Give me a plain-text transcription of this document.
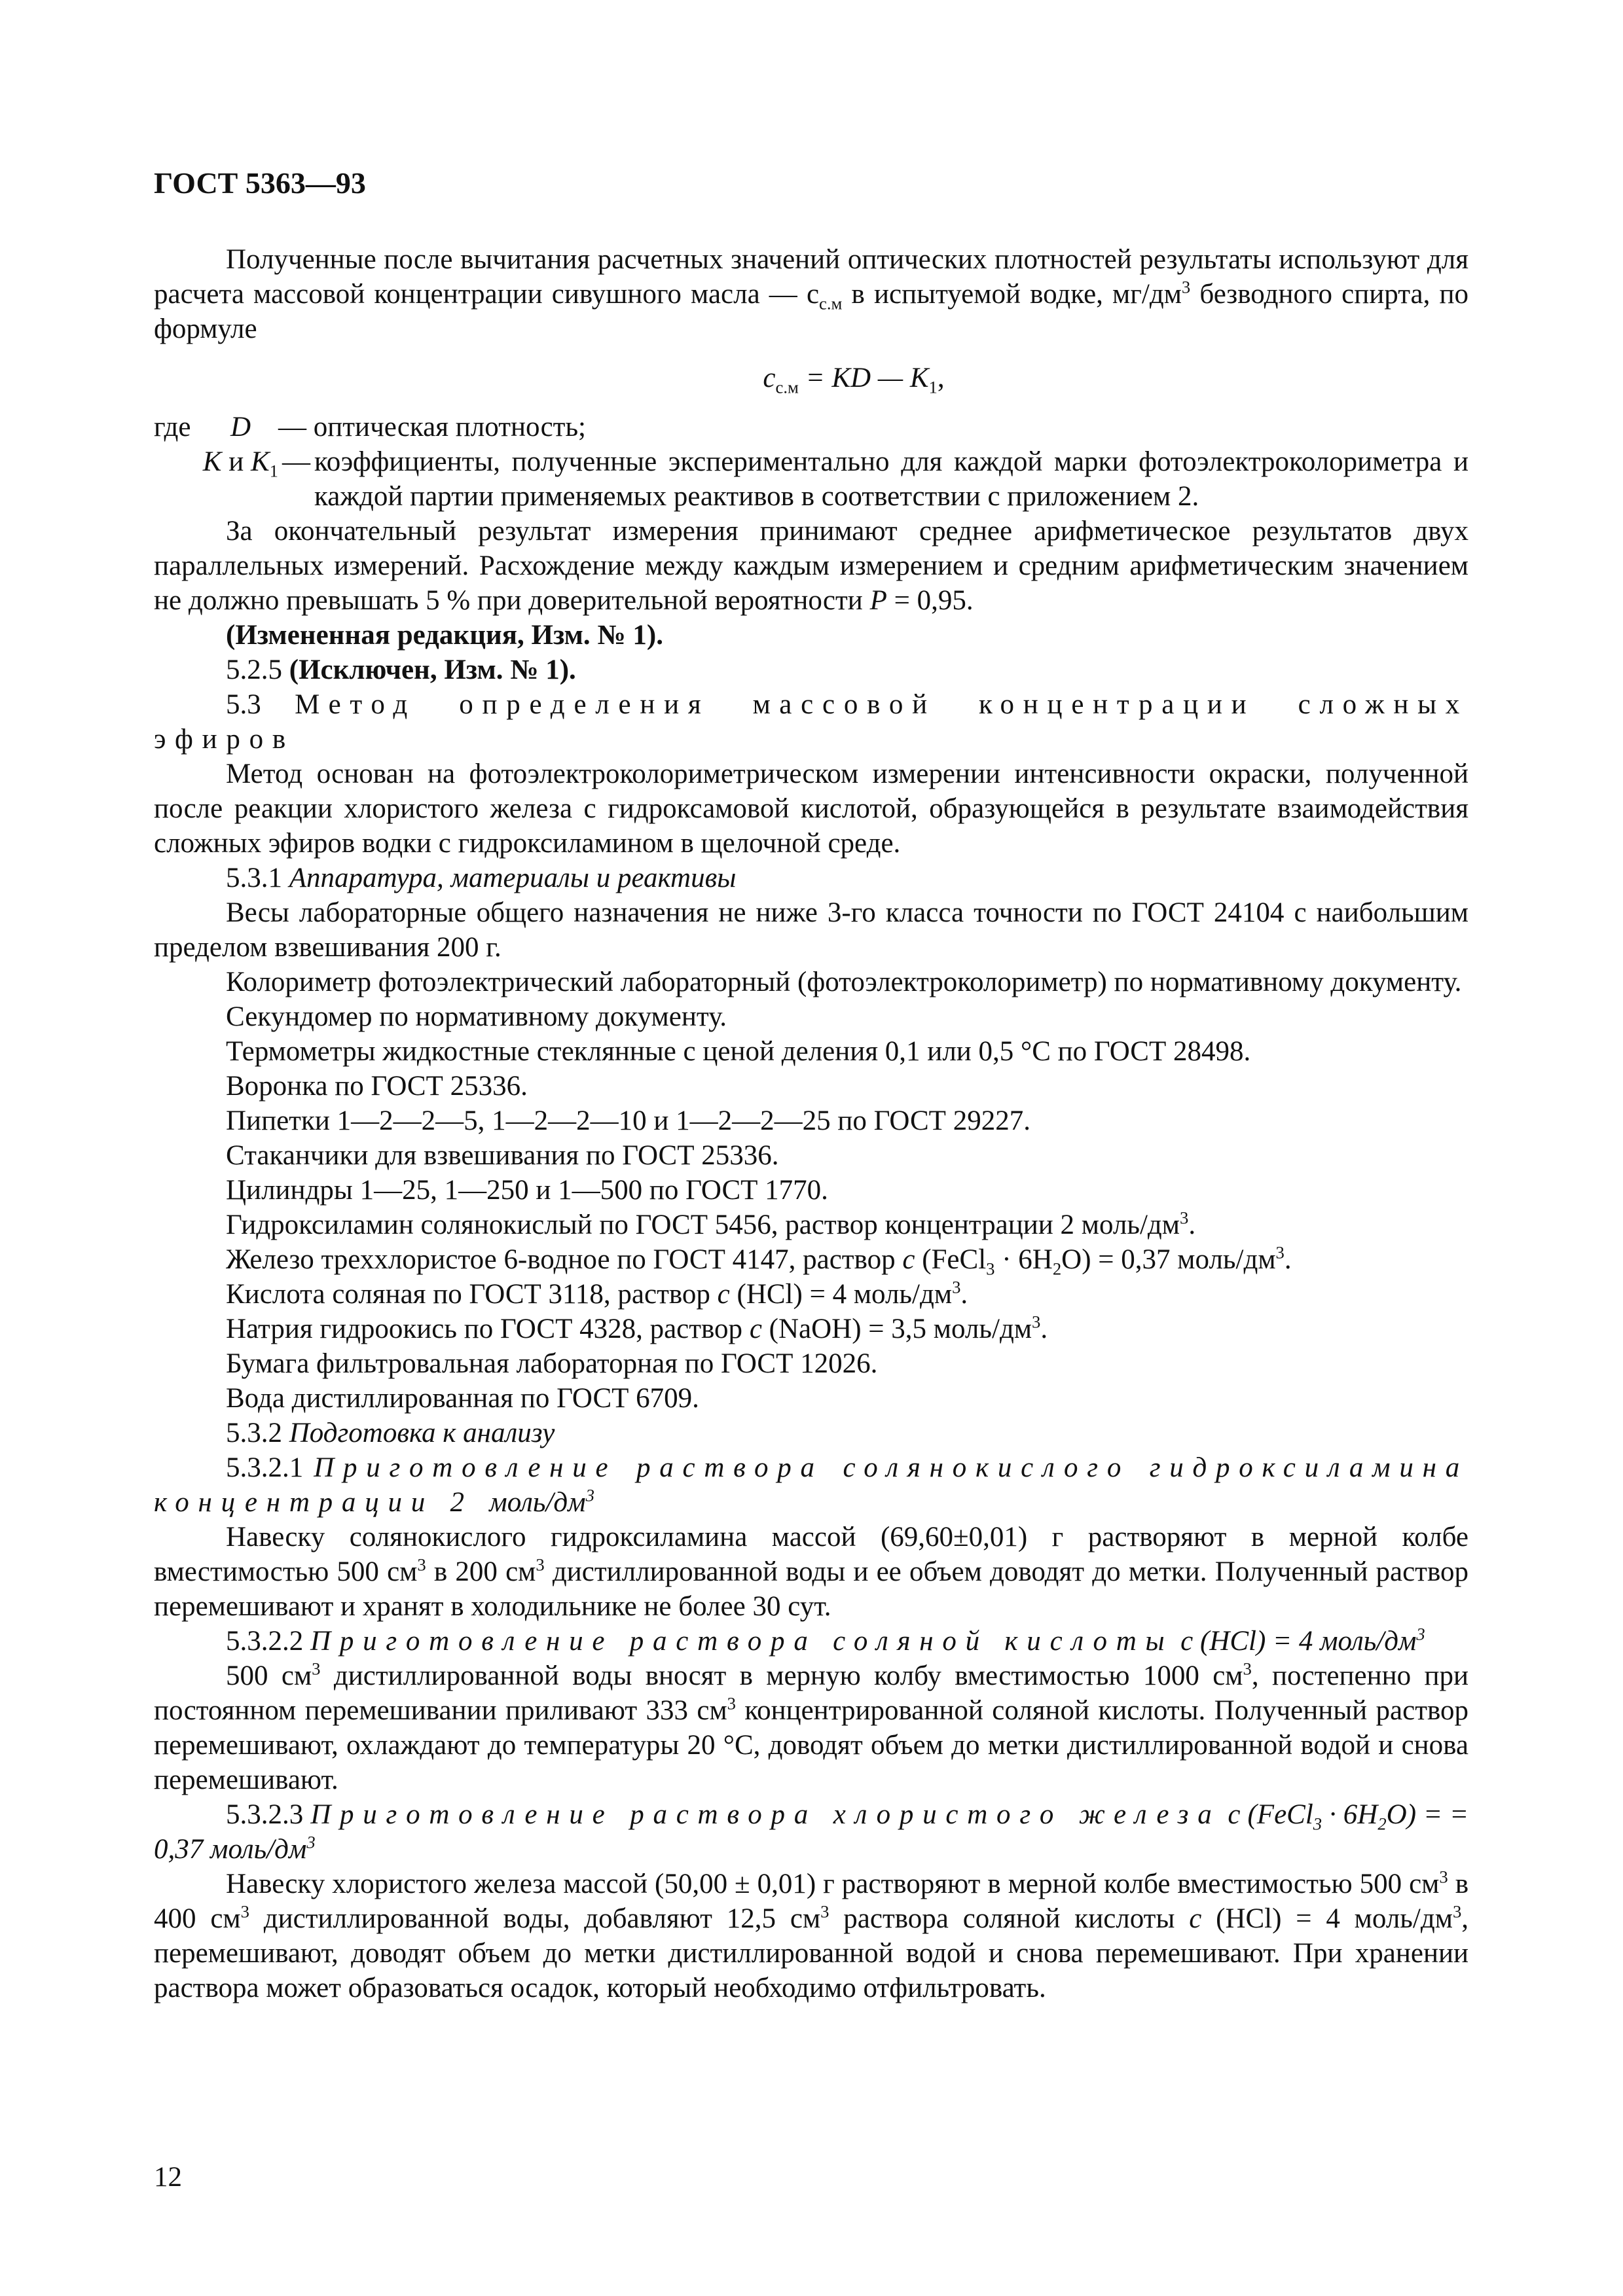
ГОСТ 5363—93

Полученные после вычитания расчетных значений оптических плотностей результаты используют для расчета массовой концентрации сивушного масла — $c_{с.м}$ в испытуемой водке, $мг/дм^3$ безводного спирта, по формуле

$c_{с.м}$ = KD — $K_1$,

где	D — оптическая плотность;
K и $K_1$ — коэффициенты, полученные экспериментально для каждой марки фотоэлектроколориметра и каждой партии применяемых реактивов в соответствии с приложением 2.

За окончательный результат измерения принимают среднее арифметическое результатов двух параллельных измерений. Расхождение между каждым измерением и средним арифметическим значением не должно превышать 5 % при доверительной вероятности P = 0,95.

(Измененная редакция, Изм. № 1).

5.2.5 (Исключен, Изм. № 1).

5.3 Метод определения массовой концентрации сложных эфиров

Метод основан на фотоэлектроколориметрическом измерении интенсивности окраски, полученной после реакции хлористого железа с гидроксамовой кислотой, образующейся в результате взаимодействия сложных эфиров водки с гидроксиламином в щелочной среде.

5.3.1 Аппаратура, материалы и реактивы

Весы лабораторные общего назначения не ниже 3-го класса точности по ГОСТ 24104 с наибольшим пределом взвешивания 200 г.

Колориметр фотоэлектрический лабораторный (фотоэлектроколориметр) по нормативному документу.

Секундомер по нормативному документу.

Термометры жидкостные стеклянные с ценой деления 0,1 или 0,5 °С по ГОСТ 28498.

Воронка по ГОСТ 25336.

Пипетки 1—2—2—5, 1—2—2—10 и 1—2—2—25 по ГОСТ 29227.

Стаканчики для взвешивания по ГОСТ 25336.

Цилиндры 1—25, 1—250 и 1—500 по ГОСТ 1770.

Гидроксиламин солянокислый по ГОСТ 5456, раствор концентрации 2 моль/$дм^3$.

Железо треххлористое 6-водное по ГОСТ 4147, раствор c (FeCl$_3$ · $6H_2O) = 0,37$ моль/$дм^3$.

Кислота соляная по ГОСТ 3118, раствор c (HCl) = 4 моль/$дм^3$.

Натрия гидроокись по ГОСТ 4328, раствор c (NaOH) = 3,5 моль/$дм^3$.

Бумага фильтровальная лабораторная по ГОСТ 12026.

Вода дистиллированная по ГОСТ 6709.

5.3.2 Подготовка к анализу

5.3.2.1 Приготовление раствора солянокислого гидроксиламина концентрации 2 моль/$дм^3$

Навеску солянокислого гидроксиламина массой (69,60±0,01) г растворяют в мерной колбе вместимостью 500 $см^3$ в 200 $см^3$ дистиллированной воды и ее объем доводят до метки. Полученный раствор перемешивают и хранят в холодильнике не более 30 сут.

5.3.2.2 Приготовление раствора соляной кислоты c (HCl) = 4 моль/$дм^3$

500 $см^3$ дистиллированной воды вносят в мерную колбу вместимостью 1000 $см^3$, постепенно при постоянном перемешивании приливают 333 $см^3$ концентрированной соляной кислоты. Полученный раствор перемешивают, охлаждают до температуры 20 °С, доводят объем до метки дистиллированной водой и снова перемешивают.

5.3.2.3 Приготовление раствора хлористого железа c (FeCl$_3$ · $6H_2O$) = = 0,37 моль/$дм^3$

Навеску хлористого железа массой (50,00 ± 0,01) г растворяют в мерной колбе вместимостью 500 $см^3$ в 400 $см^3$ дистиллированной воды, добавляют 12,5 $см^3$ раствора соляной кислоты c (HCl) = 4 моль/$дм^3$, перемешивают, доводят объем до метки дистиллированной водой и снова перемешивают. При хранении раствора может образоваться осадок, который необходимо отфильтровать.

12
